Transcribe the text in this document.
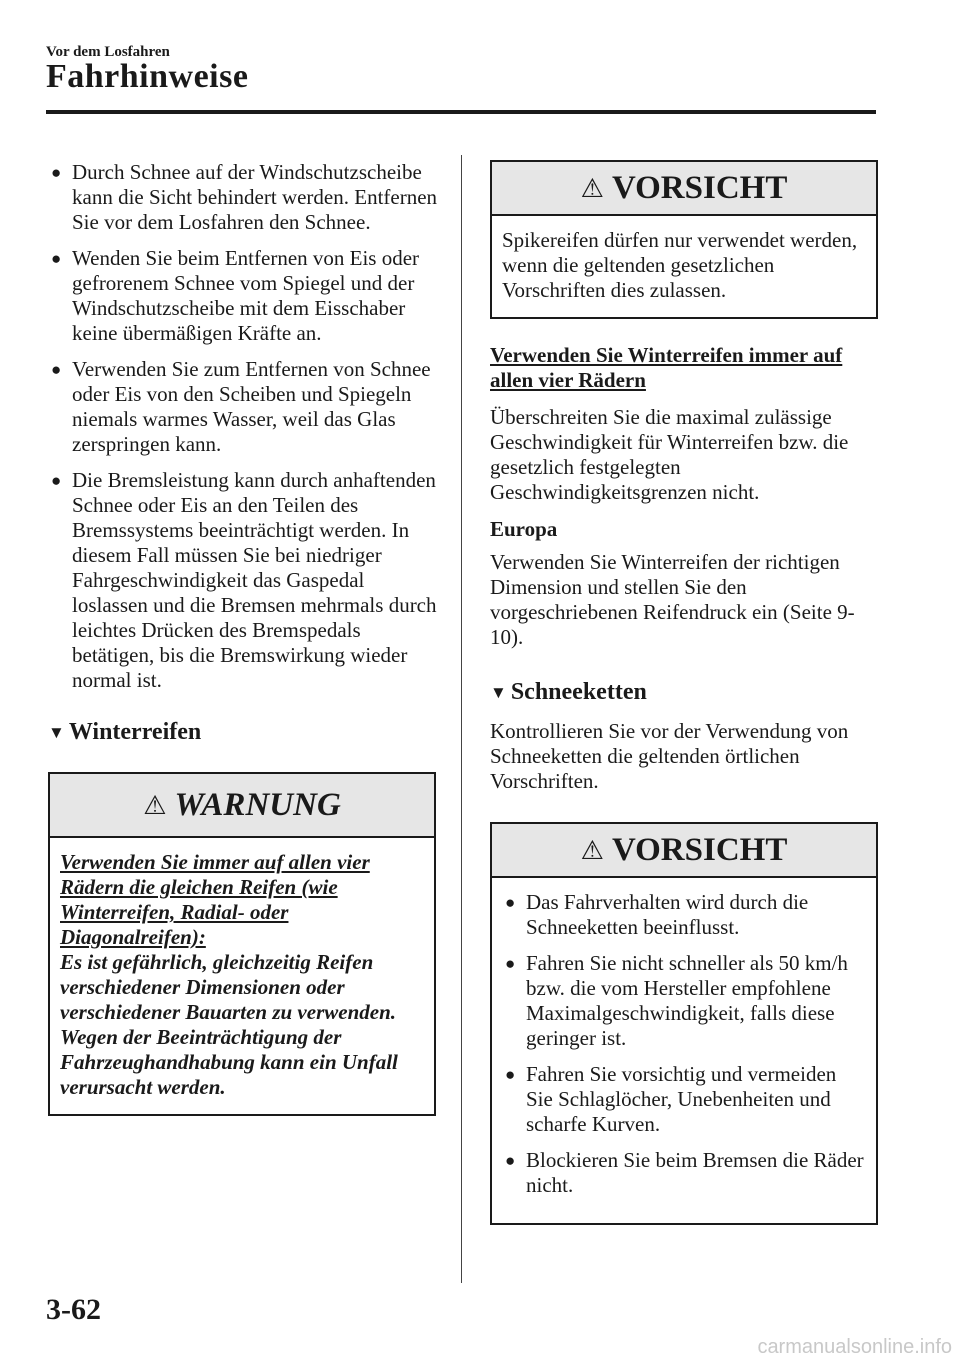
Vor dem Losfahren
Fahrhinweise
● Durch Schnee auf der Windschutzscheibe kann die Sicht behindert werden. Entfernen Sie vor dem Losfahren den Schnee.
● Wenden Sie beim Entfernen von Eis oder gefrorenem Schnee vom Spiegel und der Windschutzscheibe mit dem Eisschaber keine übermäßigen Kräfte an.
● Verwenden Sie zum Entfernen von Schnee oder Eis von den Scheiben und Spiegeln niemals warmes Wasser, weil das Glas zerspringen kann.
● Die Bremsleistung kann durch anhaftenden Schnee oder Eis an den Teilen des Bremssystems beeinträchtigt werden. In diesem Fall müssen Sie bei niedriger Fahrgeschwindigkeit das Gaspedal loslassen und die Bremsen mehrmals durch leichtes Drücken des Bremspedals betätigen, bis die Bremswirkung wieder normal ist.
▼ Winterreifen
⚠ WARNUNG
Verwenden Sie immer auf allen vier Rädern die gleichen Reifen (wie Winterreifen, Radial- oder Diagonalreifen):
Es ist gefährlich, gleichzeitig Reifen verschiedener Dimensionen oder verschiedener Bauarten zu verwenden. Wegen der Beeinträchtigung der Fahrzeughandhabung kann ein Unfall verursacht werden.
⚠ VORSICHT
Spikereifen dürfen nur verwendet werden, wenn die geltenden gesetzlichen Vorschriften dies zulassen.
Verwenden Sie Winterreifen immer auf allen vier Rädern

Überschreiten Sie die maximal zulässige Geschwindigkeit für Winterreifen bzw. die gesetzlich festgelegten Geschwindigkeitsgrenzen nicht.

Europa

Verwenden Sie Winterreifen der richtigen Dimension und stellen Sie den vorgeschriebenen Reifendruck ein (Seite 9-10).

▼ Schneeketten

Kontrollieren Sie vor der Verwendung von Schneeketten die geltenden örtlichen Vorschriften.

⚠ VORSICHT
● Das Fahrverhalten wird durch die Schneeketten beeinflusst.
● Fahren Sie nicht schneller als 50 km/h bzw. die vom Hersteller empfohlene Maximalgeschwindigkeit, falls diese geringer ist.
● Fahren Sie vorsichtig und vermeiden Sie Schlaglöcher, Unebenheiten und scharfe Kurven.
● Blockieren Sie beim Bremsen die Räder nicht.
3-62
carmanualsonline.info
